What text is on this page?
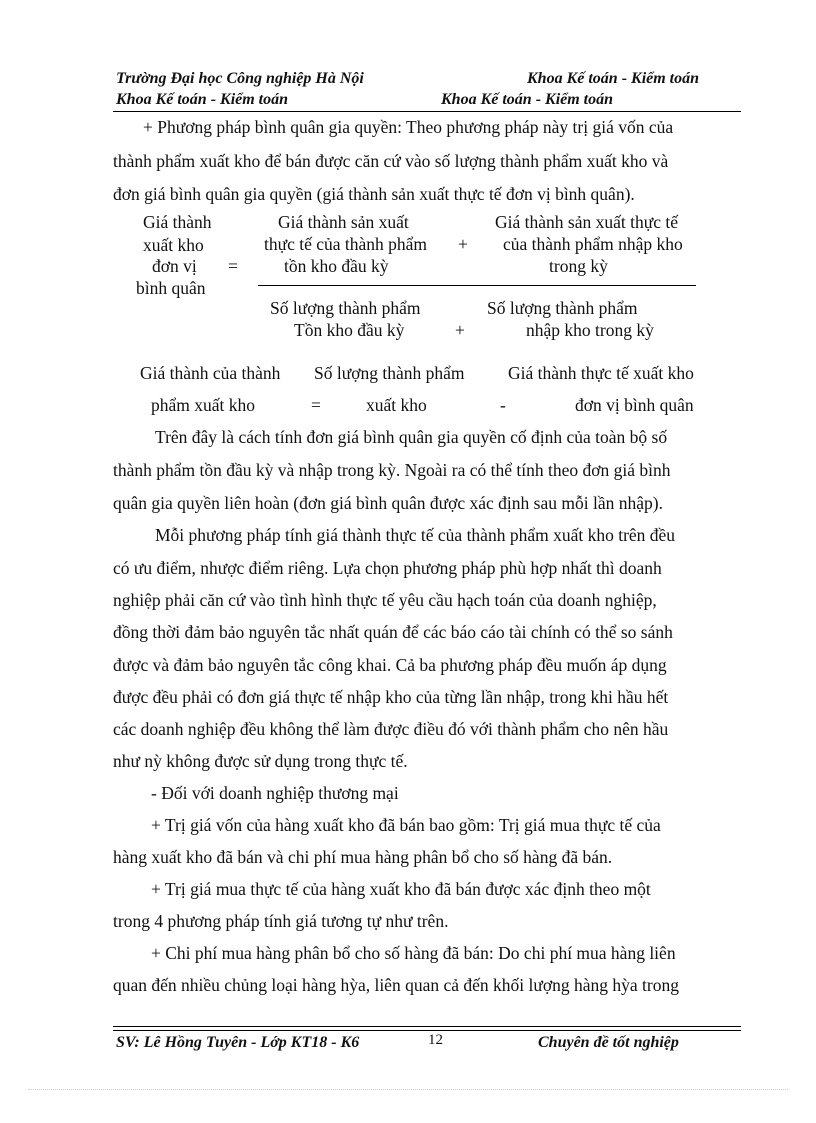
Trường Đại học Công nghiệp Hà Nội	Khoa Kế toán - Kiểm toán
Khoa Kế toán - Kiểm toán	Khoa Kế toán - Kiểm toán
+ Phương pháp bình quân gia quyền: Theo phương pháp này trị giá vốn của
thành phẩm xuất kho để bán được căn cứ vào số lượng thành phẩm xuất kho và
đơn giá bình quân gia quyền (giá thành sản xuất thực tế đơn vị bình quân).
Giá thành
xuất kho
đơn vị
bình quân
=
Giá thành sản xuất
thực tế của thành phẩm
tồn kho đầu kỳ
+
Giá thành sản xuất thực tế
của thành phẩm nhập kho
trong kỳ
Số lượng thành phẩm
Tồn kho đầu kỳ	+
Số lượng thành phẩm
nhập kho trong kỳ
Giá thành của thành
phẩm xuất kho	=
Số lượng thành phẩm
xuất kho	-
Giá thành thực tế xuất kho
đơn vị bình quân
Trên đây là cách tính đơn giá bình quân gia quyền cố định của toàn bộ số
thành phẩm tồn đầu kỳ và nhập trong kỳ. Ngoài ra có thể tính theo đơn giá bình
quân gia quyền liên hoàn (đơn giá bình quân được xác định sau mỗi lần nhập).
Mỗi phương pháp tính giá thành thực tế của thành phẩm xuất kho trên đều
có ưu điểm, nhược điểm riêng. Lựa chọn phương pháp phù hợp nhất thì doanh
nghiệp phải căn cứ vào tình hình thực tế yêu cầu hạch toán của doanh nghiệp,
đồng thời đảm bảo nguyên tắc nhất quán để các báo cáo tài chính có thể so sánh
được và đảm bảo nguyên tắc công khai. Cả ba phương pháp đều muốn áp dụng
được đều phải có đơn giá thực tế nhập kho của từng lần nhập, trong khi hầu hết
các doanh nghiệp đều không thể làm được điều đó với thành phẩm cho nên hầu
như nỳ không được sử dụng trong thực tế.
- Đối với doanh nghiệp thương mại
+ Trị giá vốn của hàng xuất kho đã bán bao gồm: Trị giá mua thực tế của
hàng xuất kho đã bán và chi phí mua hàng phân bổ cho số hàng đã bán.
+ Trị giá mua thực tế của hàng xuất kho đã bán được xác định theo một
trong 4 phương pháp tính giá tương tự như trên.
+ Chi phí mua hàng phân bổ cho số hàng đã bán: Do chi phí mua hàng liên
quan đến nhiều chủng loại hàng hỳa, liên quan cả đến khối lượng hàng hỳa trong
SV: Lê Hồng Tuyên - Lớp KT18 - K6	12	Chuyên đề tốt nghiệp
